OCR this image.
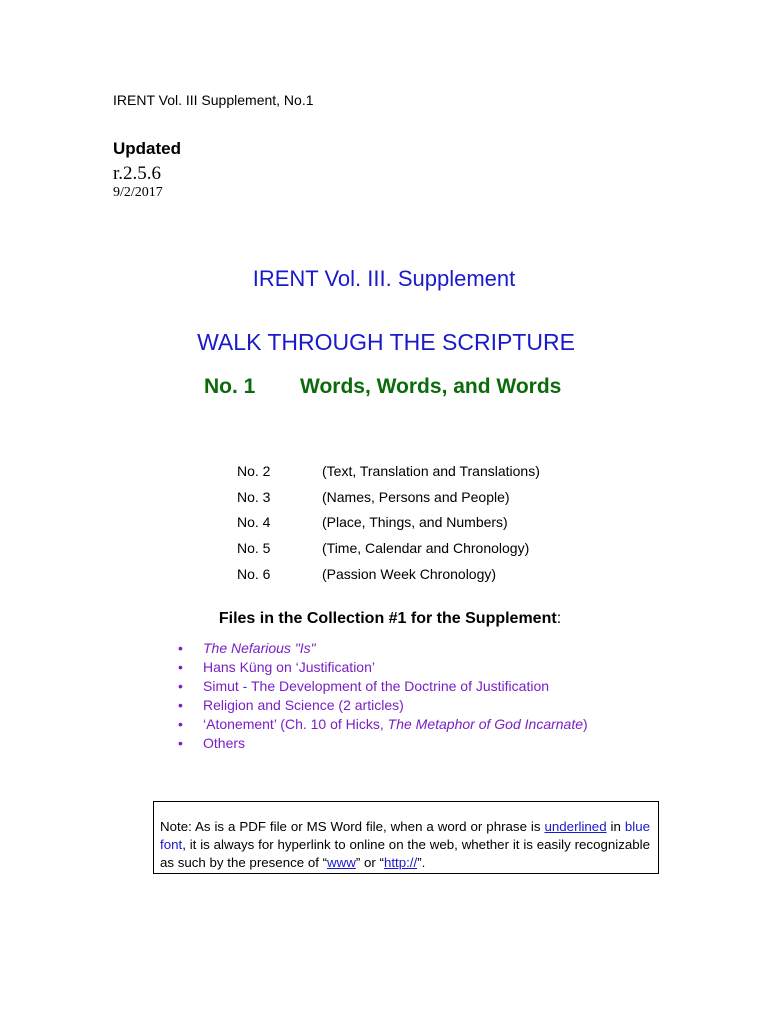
IRENT Vol. III Supplement, No.1
Updated
r.2.5.6
9/2/2017
IRENT Vol. III. Supplement
WALK THROUGH THE SCRIPTURE
No. 1 Words, Words, and Words
No. 2	(Text, Translation and Translations)
No. 3	(Names, Persons and People)
No. 4	(Place, Things, and Numbers)
No. 5	(Time, Calendar and Chronology)
No. 6	(Passion Week Chronology)
Files in the Collection #1 for the Supplement:
• The Nefarious "Is"
• Hans Küng on ‘Justification’
• Simut - The Development of the Doctrine of Justification
• Religion and Science (2 articles)
• ‘Atonement’ (Ch. 10 of Hicks, The Metaphor of God Incarnate)
• Others
Note: As is a PDF file or MS Word file, when a word or phrase is underlined in blue font, it is always for hyperlink to online on the web, whether it is easily recognizable as such by the presence of “www” or “http://”.
